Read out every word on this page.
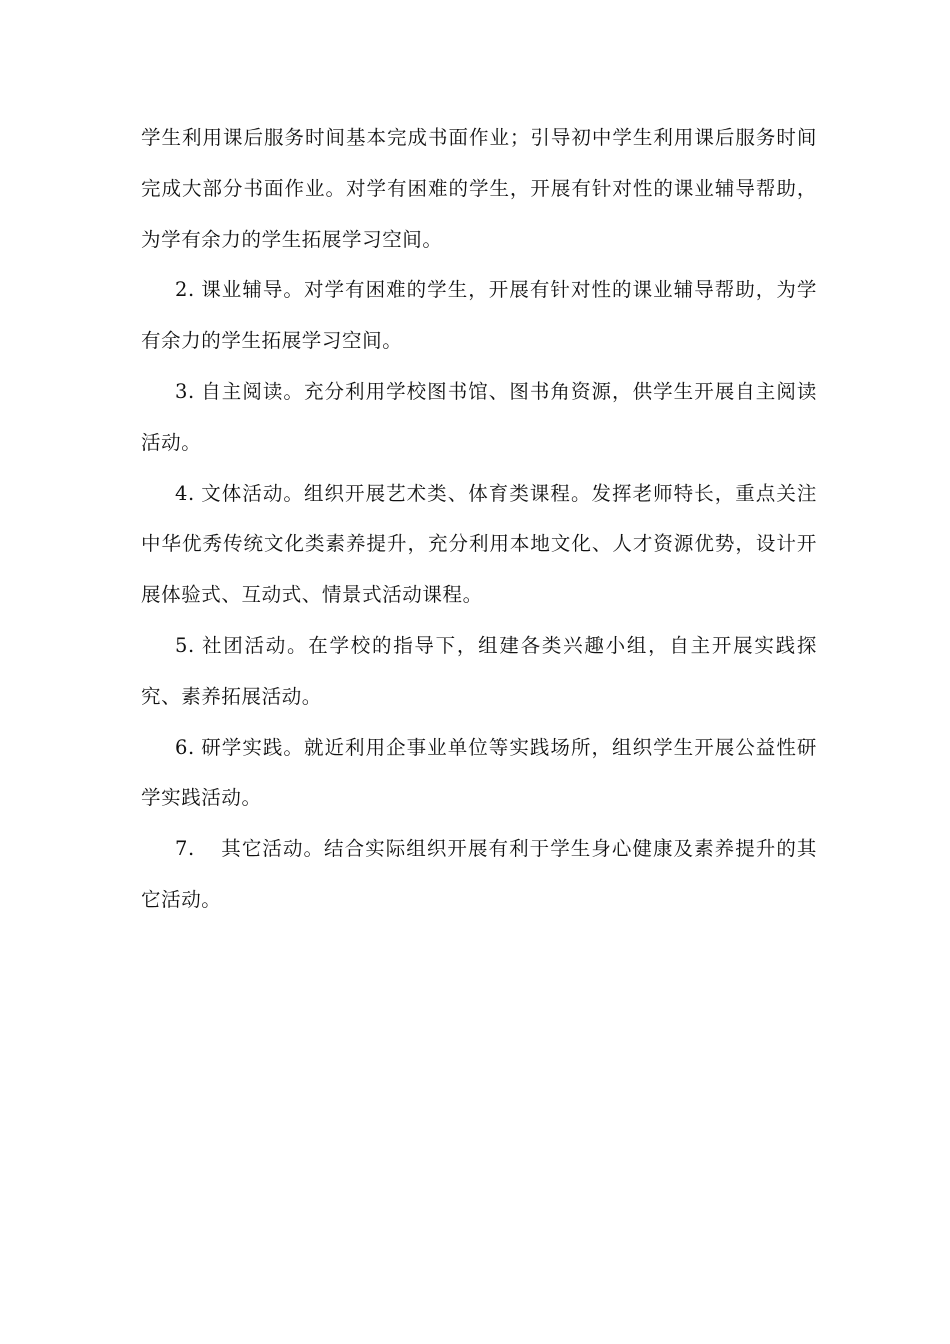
学生利用课后服务时间基本完成书面作业；引导初中学生利用课后服务时间完成大部分书面作业。对学有困难的学生，开展有针对性的课业辅导帮助，为学有余力的学生拓展学习空间。

2. 课业辅导。对学有困难的学生，开展有针对性的课业辅导帮助，为学有余力的学生拓展学习空间。

3. 自主阅读。充分利用学校图书馆、图书角资源，供学生开展自主阅读活动。

4. 文体活动。组织开展艺术类、体育类课程。发挥老师特长，重点关注中华优秀传统文化类素养提升，充分利用本地文化、人才资源优势，设计开展体验式、互动式、情景式活动课程。

5. 社团活动。在学校的指导下，组建各类兴趣小组，自主开展实践探究、素养拓展活动。

6. 研学实践。就近利用企事业单位等实践场所，组织学生开展公益性研学实践活动。

7. 其它活动。结合实际组织开展有利于学生身心健康及素养提升的其它活动。
